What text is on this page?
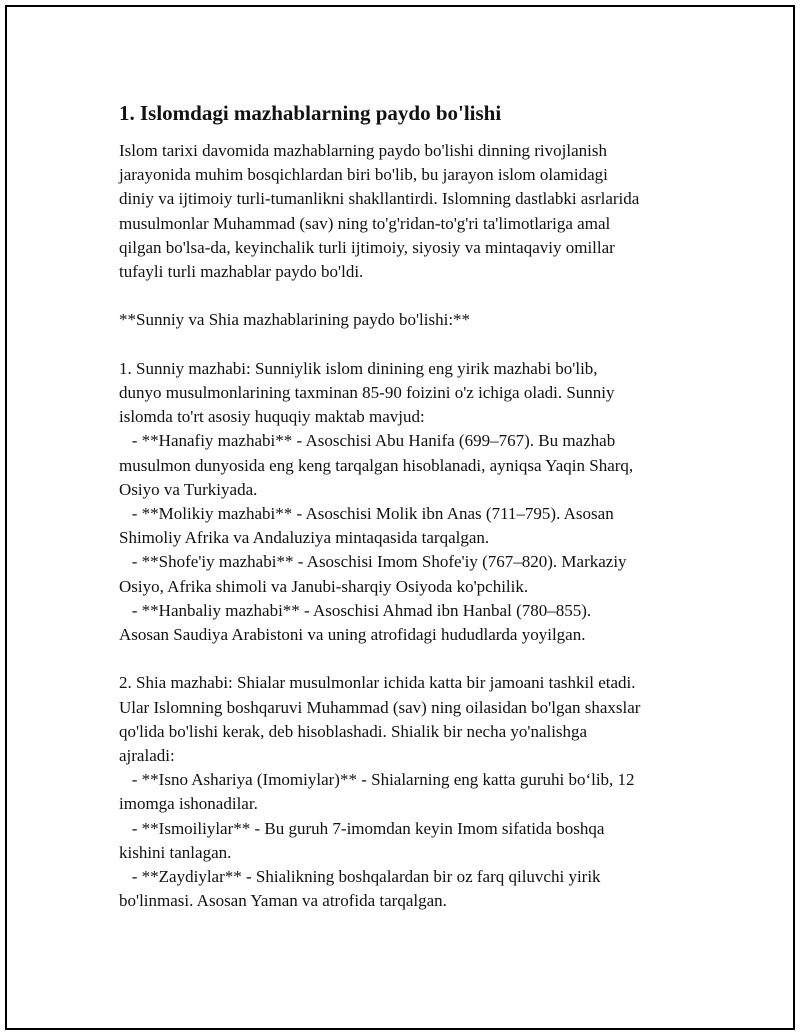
1. Islomdagi mazhablarning paydo bo'lishi
Islom tarixi davomida mazhablarning paydo bo'lishi dinning rivojlanish
jarayonida muhim bosqichlardan biri bo'lib, bu jarayon islom olamidagi
diniy va ijtimoiy turli-tumanlikni shakllantirdi. Islomning dastlabki asrlarida
musulmonlar Muhammad (sav) ning to'g'ridan-to'g'ri ta'limotlariga amal
qilgan bo'lsa-da, keyinchalik turli ijtimoiy, siyosiy va mintaqaviy omillar
tufayli turli mazhablar paydo bo'ldi.
**Sunniy va Shia mazhablarining paydo bo'lishi:**
1. Sunniy mazhabi: Sunniylik islom dinining eng yirik mazhabi bo'lib,
dunyo musulmonlarining taxminan 85-90 foizini o'z ichiga oladi. Sunniy
islomda to'rt asosiy huquqiy maktab mavjud:
- **Hanafiy mazhabi** - Asoschisi Abu Hanifa (699–767). Bu mazhab
musulmon dunyosida eng keng tarqalgan hisoblanadi, ayniqsa Yaqin Sharq,
Osiyo va Turkiyada.
- **Molikiy mazhabi** - Asoschisi Molik ibn Anas (711–795). Asosan
Shimoliy Afrika va Andaluziya mintaqasida tarqalgan.
- **Shofe'iy mazhabi** - Asoschisi Imom Shofe'iy (767–820). Markaziy
Osiyo, Afrika shimoli va Janubi-sharqiy Osiyoda ko'pchilik.
- **Hanbaliy mazhabi** - Asoschisi Ahmad ibn Hanbal (780–855).
Asosan Saudiya Arabistoni va uning atrofidagi hududlarda yoyilgan.
2. Shia mazhabi: Shialar musulmonlar ichida katta bir jamoani tashkil etadi.
Ular Islomning boshqaruvi Muhammad (sav) ning oilasidan bo'lgan shaxslar
qo'lida bo'lishi kerak, deb hisoblashadi. Shialik bir necha yo'nalishga
ajraladi:
- **Isno Ashariya (Imomiylar)** - Shialarning eng katta guruhi bo‘lib, 12
imomga ishonadilar.
- **Ismoiliylar** - Bu guruh 7-imomdan keyin Imom sifatida boshqa
kishini tanlagan.
- **Zaydiylar** - Shialikning boshqalardan bir oz farq qiluvchi yirik
bo'linmasi. Asosan Yaman va atrofida tarqalgan.
